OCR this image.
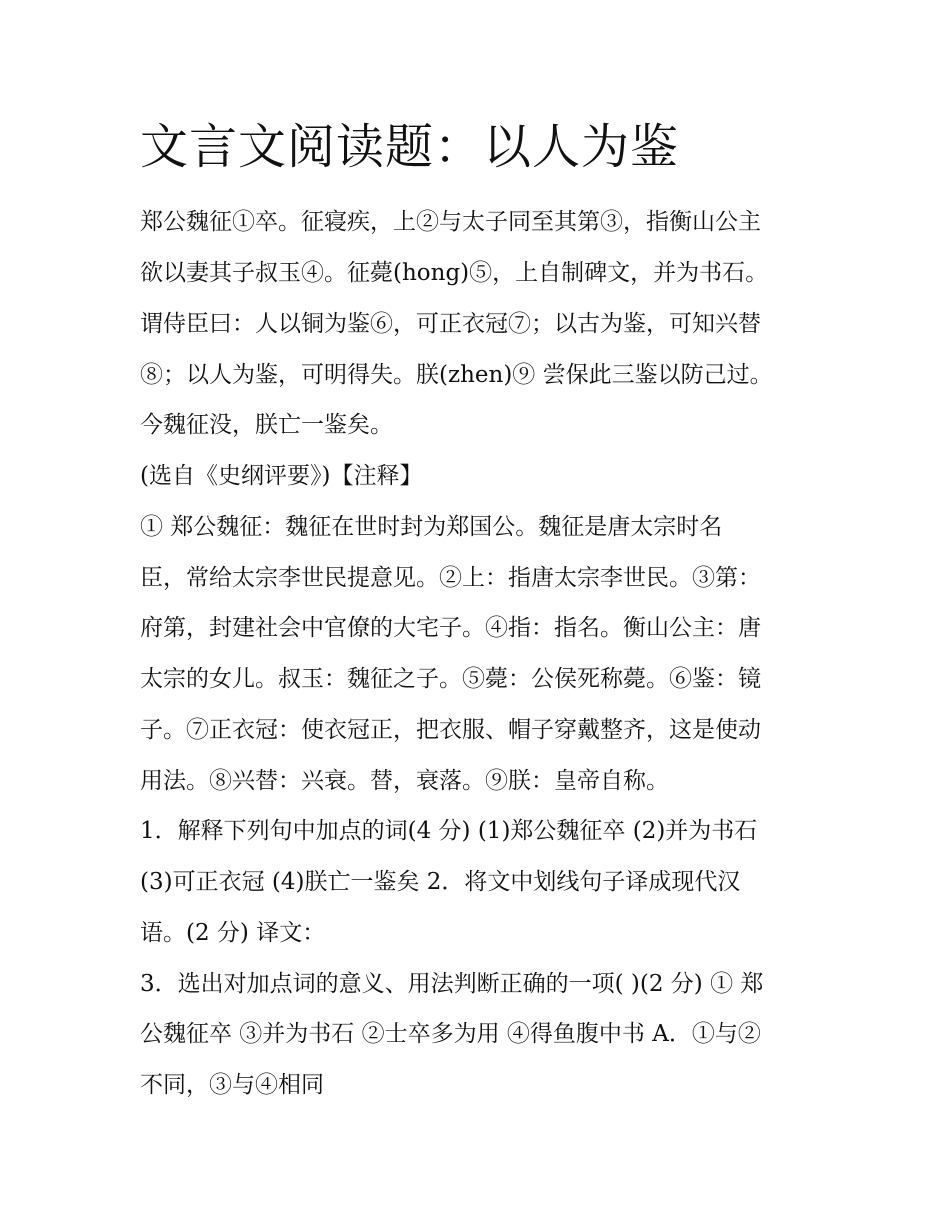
文言文阅读题：以人为鉴

郑公魏征①卒。征寝疾，上②与太子同至其第③，指衡山公主

欲以妻其子叔玉④。征薨(hong)⑤，上自制碑文，并为书石。

谓侍臣曰：人以铜为鉴⑥，可正衣冠⑦；以古为鉴，可知兴替

⑧；以人为鉴，可明得失。朕(zhen)⑨ 尝保此三鉴以防己过。

今魏征没，朕亡一鉴矣。

(选自《史纲评要》)【注释】

① 郑公魏征：魏征在世时封为郑国公。魏征是唐太宗时名

臣，常给太宗李世民提意见。②上：指唐太宗李世民。③第：

府第，封建社会中官僚的大宅子。④指：指名。衡山公主：唐

太宗的女儿。叔玉：魏征之子。⑤薨：公侯死称薨。⑥鉴：镜

子。⑦正衣冠：使衣冠正，把衣服、帽子穿戴整齐，这是使动

用法。⑧兴替：兴衰。替，衰落。⑨朕：皇帝自称。

1．解释下列句中加点的词(4 分) (1)郑公魏征卒 (2)并为书石

(3)可正衣冠 (4)朕亡一鉴矣 2．将文中划线句子译成现代汉

语。(2 分) 译文：

3．选出对加点词的意义、用法判断正确的一项( )(2 分) ① 郑

公魏征卒 ③并为书石 ②士卒多为用 ④得鱼腹中书 A．①与②

不同，③与④相同
